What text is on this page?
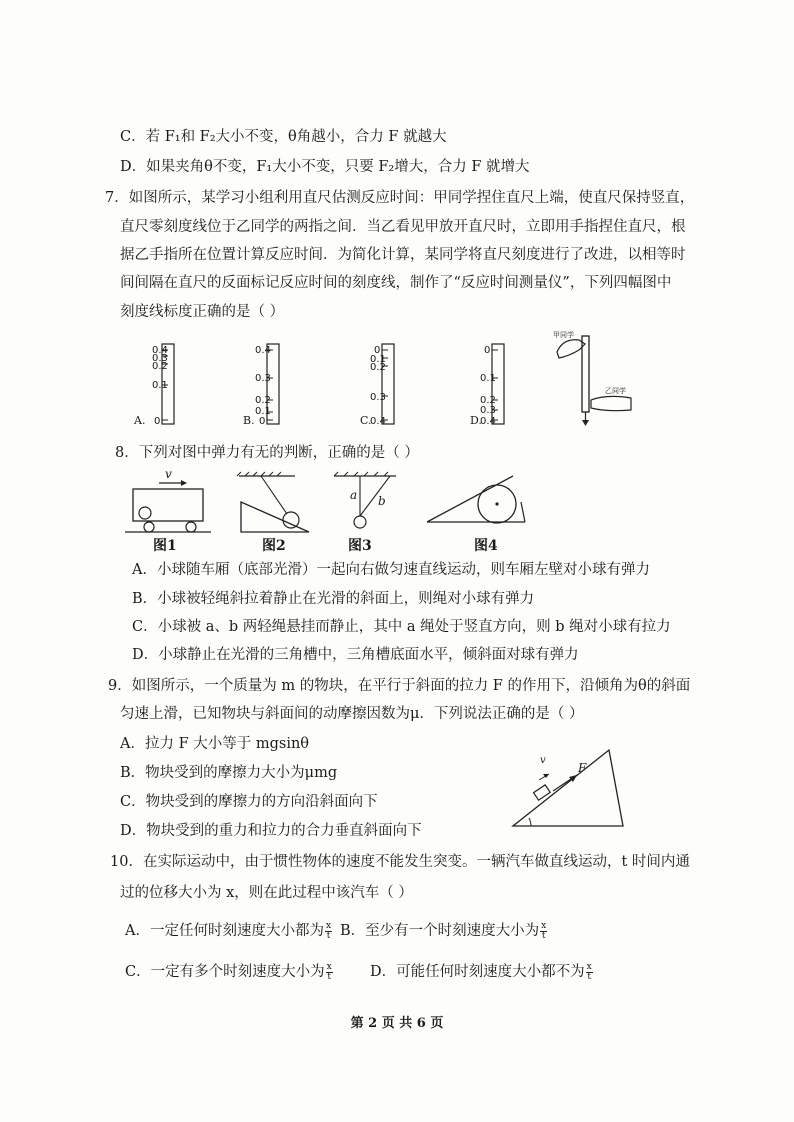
C．若 F₁和 F₂大小不变，θ角越小，合力 F 就越大
D．如果夹角θ不变，F₁大小不变，只要 F₂增大，合力 F 就增大
7．如图所示，某学习小组利用直尺估测反应时间：甲同学捏住直尺上端，使直尺保持竖直，
直尺零刻度线位于乙同学的两指之间．当乙看见甲放开直尺时，立即用手指捏住直尺，根
据乙手指所在位置计算反应时间．为简化计算，某同学将直尺刻度进行了改进，以相等时
间间隔在直尺的反面标记反应时间的刻度线，制作了“反应时间测量仪”，下列四幅图中
刻度线标度正确的是（ ）
0.4
0.3
0.2
0.1
0
A.
0.4
0.3
0.2
0.1
0
B.
0
0.1
0.2
0.3
0.4
C.
0
0.1
0.2
0.3
0.4
D.
甲同学
乙同学
8．下列对图中弹力有无的判断，正确的是（ ）
v
图1	图2
a b
图3	图4
A．小球随车厢（底部光滑）一起向右做匀速直线运动，则车厢左壁对小球有弹力
B．小球被轻绳斜拉着静止在光滑的斜面上，则绳对小球有弹力
C．小球被 a、b 两轻绳悬挂而静止，其中 a 绳处于竖直方向，则 b 绳对小球有拉力
D．小球静止在光滑的三角槽中，三角槽底面水平，倾斜面对球有弹力
9．如图所示，一个质量为 m 的物块，在平行于斜面的拉力 F 的作用下，沿倾角为θ的斜面
匀速上滑，已知物块与斜面间的动摩擦因数为μ．下列说法正确的是（ ）
A．拉力 F 大小等于 mgsinθ
B．物块受到的摩擦力大小为μmg
C．物块受到的摩擦力的方向沿斜面向下
D．物块受到的重力和拉力的合力垂直斜面向下
v
F
10．在实际运动中，由于惯性物体的速度不能发生突变。一辆汽车做直线运动，t 时间内通
过的位移大小为 x，则在此过程中该汽车（ ）
A．一定任何时刻速度大小都为 $\frac{x}{t}$ B．至少有一个时刻速度大小为 $\frac{x}{t}$
C．一定有多个时刻速度大小为 $\frac{x}{t}$	D．可能任何时刻速度大小都不为 $\frac{x}{t}$
第 2 页 共 6 页
